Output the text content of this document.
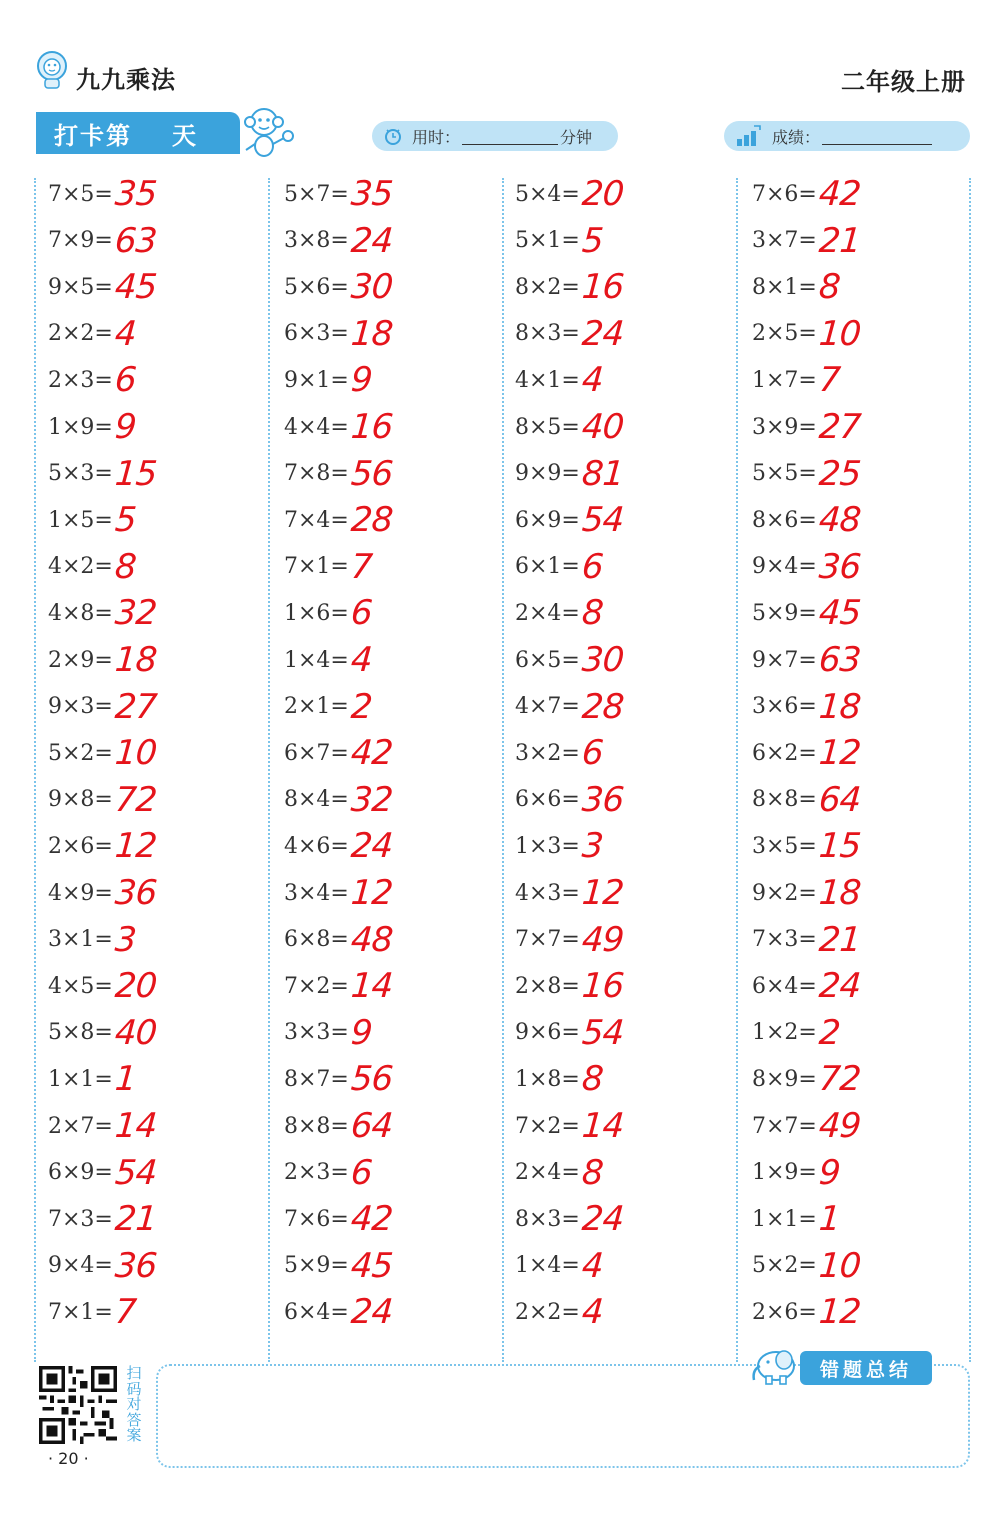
九九乘法	二年级上册
打卡第 天	用时：	分钟	成绩：
7×5= 35
7×9= 63
9×5= 45
2×2= 4
2×3= 6
1×9= 9
5×3= 15
1×5= 5
4×2= 8
4×8= 32
2×9= 18
9×3= 27
5×2= 10
9×8= 72
2×6= 12
4×9= 36
3×1= 3
4×5= 20
5×8= 40
1×1= 1
2×7= 14
6×9= 54
7×3= 21
9×4= 36
7×1= 7
5×7= 35
3×8= 24
5×6= 30
6×3= 18
9×1= 9
4×4= 16
7×8= 56
7×4= 28
7×1= 7
1×6= 6
1×4= 4
2×1= 2
6×7= 42
8×4= 32
4×6= 24
3×4= 12
6×8= 48
7×2= 14
3×3= 9
8×7= 56
8×8= 64
2×3= 6
7×6= 42
5×9= 45
6×4= 24
5×4= 20
5×1= 5
8×2= 16
8×3= 24
4×1= 4
8×5= 40
9×9= 81
6×9= 54
6×1= 6
2×4= 8
6×5= 30
4×7= 28
3×2= 6
6×6= 36
1×3= 3
4×3= 12
7×7= 49
2×8= 16
9×6= 54
1×8= 8
7×2= 14
2×4= 8
8×3= 24
1×4= 4
2×2= 4
7×6= 42
3×7= 21
8×1= 8
2×5= 10
1×7= 7
3×9= 27
5×5= 25
8×6= 48
9×4= 36
5×9= 45
9×7= 63
3×6= 18
6×2= 12
8×8= 64
3×5= 15
9×2= 18
7×3= 21
6×4= 24
1×2= 2
8×9= 72
7×7= 49
1×9= 9
1×1= 1
5×2= 10
2×6= 12
错题总结
扫码对答案
· 20 ·
